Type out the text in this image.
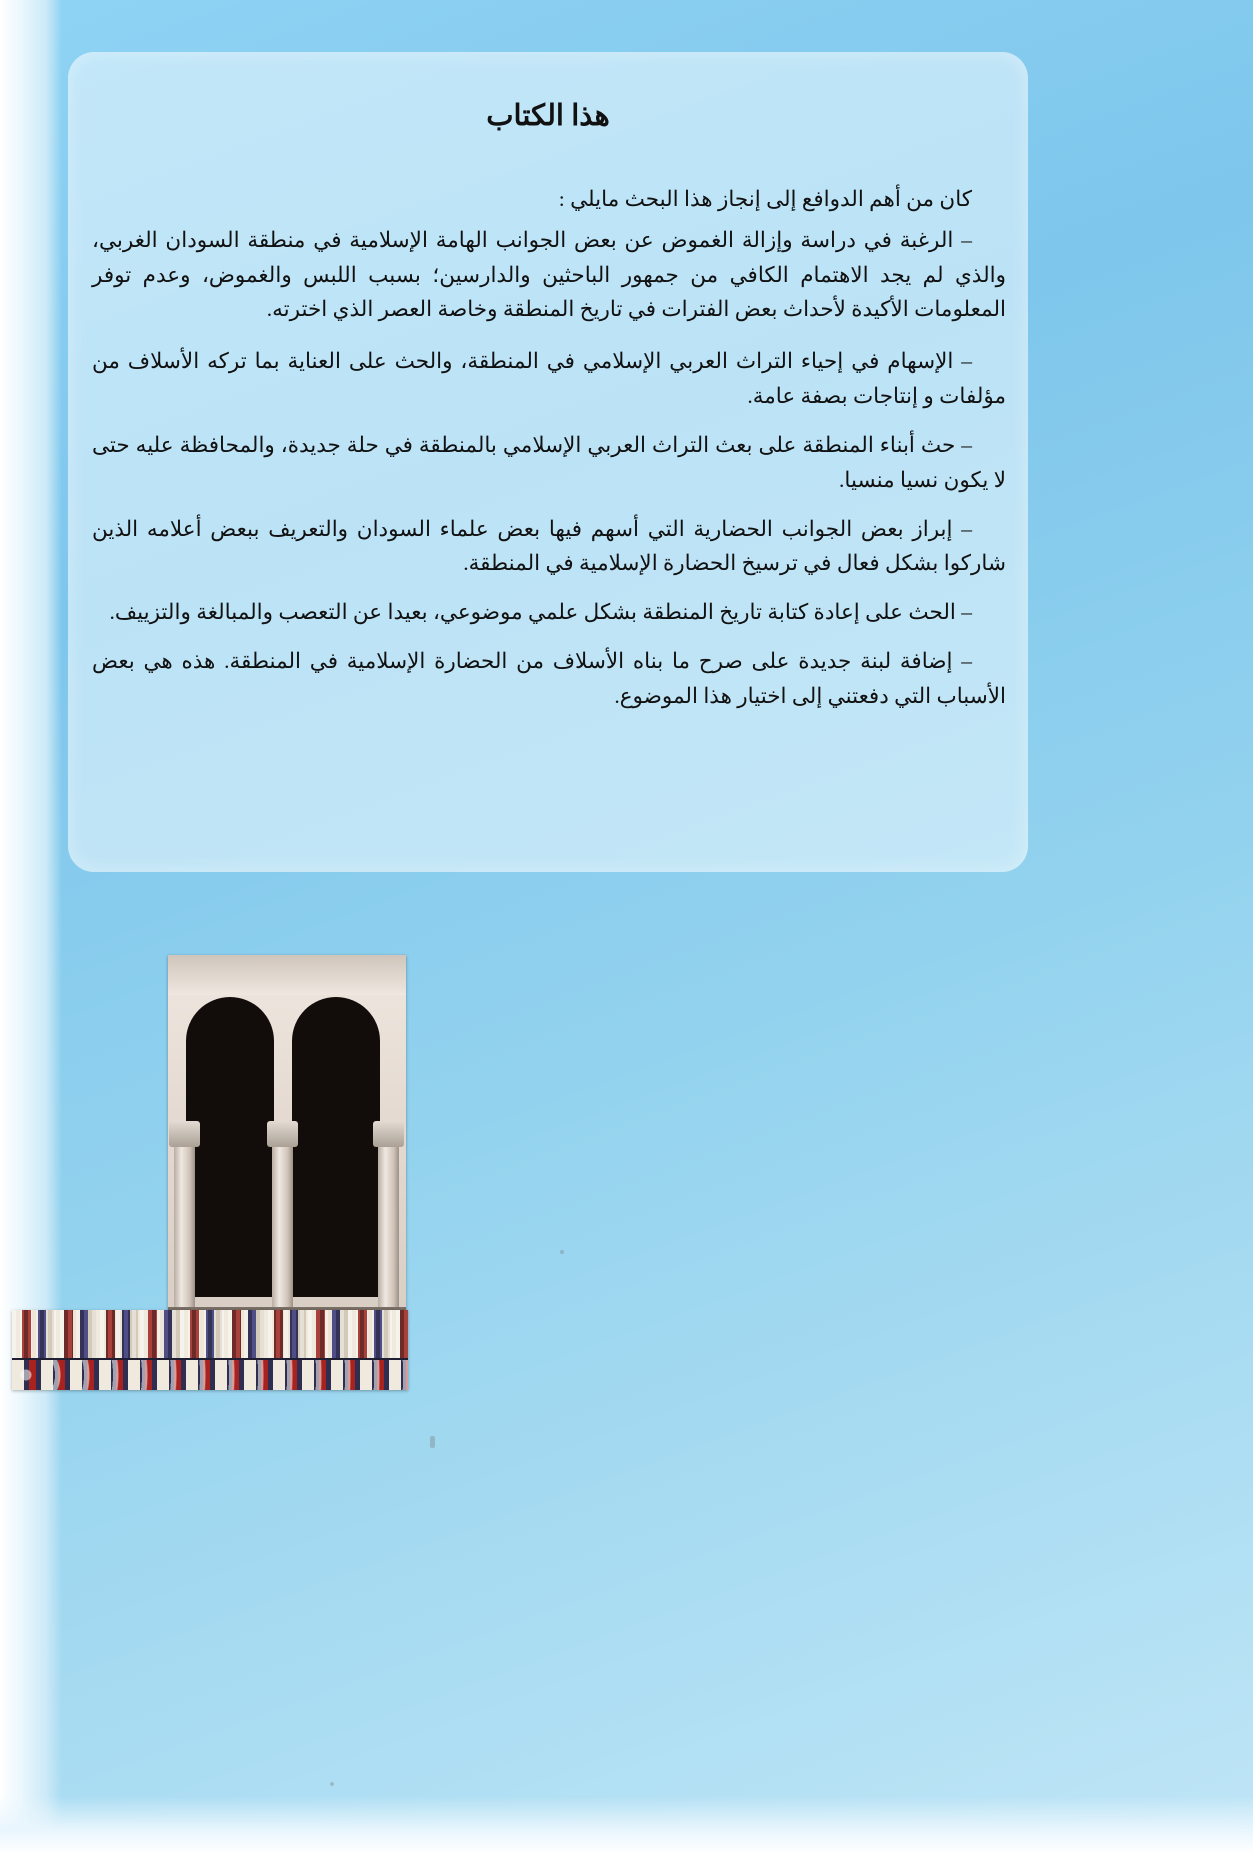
هذا الكتاب

كان من أهم الدوافع إلى إنجاز هذا البحث مايلي :

– الرغبة في دراسة وإزالة الغموض عن بعض الجوانب الهامة الإسلامية في منطقة السودان الغربي، والذي لم يجد الاهتمام الكافي من جمهور الباحثين والدارسين؛ بسبب اللبس والغموض، وعدم توفر المعلومات الأكيدة لأحداث بعض الفترات في تاريخ المنطقة وخاصة العصر الذي اخترته.

– الإسهام في إحياء التراث العربي الإسلامي في المنطقة، والحث على العناية بما تركه الأسلاف من مؤلفات و إنتاجات بصفة عامة.

– حث أبناء المنطقة على بعث التراث العربي الإسلامي بالمنطقة في حلة جديدة، والمحافظة عليه حتى لا يكون نسيا منسيا.

– إبراز بعض الجوانب الحضارية التي أسهم فيها بعض علماء السودان والتعريف ببعض أعلامه الذين شاركوا بشكل فعال في ترسيخ الحضارة الإسلامية في المنطقة.

– الحث على إعادة كتابة تاريخ المنطقة بشكل علمي موضوعي، بعيدا عن التعصب والمبالغة والتزييف.

– إضافة لبنة جديدة على صرح ما بناه الأسلاف من الحضارة الإسلامية في المنطقة. هذه هي بعض الأسباب التي دفعتني إلى اختيار هذا الموضوع.
